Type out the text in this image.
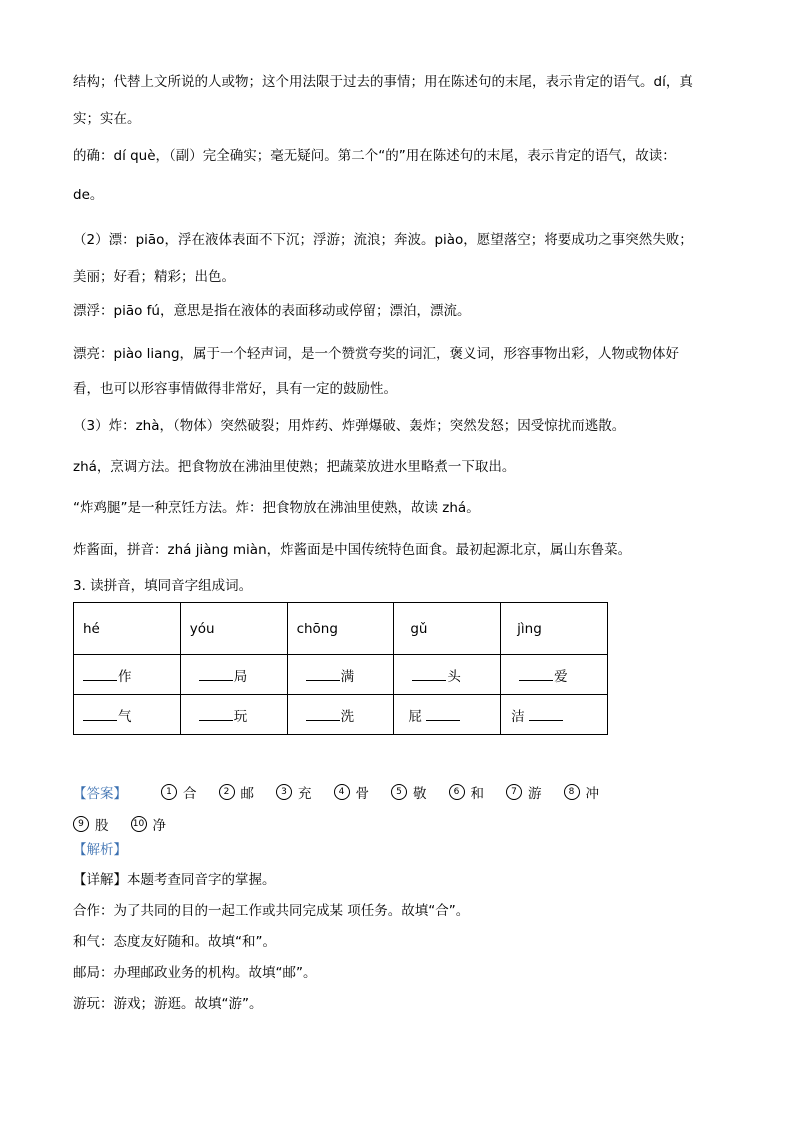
结构；代替上文所说的人或物；这个用法限于过去的事情；用在陈述句的末尾，表示肯定的语气。dí，真

实；实在。

的确：dí què，（副）完全确实；毫无疑问。第二个“的”用在陈述句的末尾，表示肯定的语气，故读：

de。

（2）漂：piāo，浮在液体表面不下沉；浮游；流浪；奔波。piào，愿望落空；将要成功之事突然失败；

美丽；好看；精彩；出色。

漂浮：piāo fú，意思是指在液体的表面移动或停留；漂泊，漂流。

漂亮：piào liang，属于一个轻声词，是一个赞赏夸奖的词汇，褒义词，形容事物出彩，人物或物体好

看，也可以形容事情做得非常好，具有一定的鼓励性。

（3）炸：zhà，（物体）突然破裂；用炸药、炸弹爆破、轰炸；突然发怒；因受惊扰而逃散。

zhá，烹调方法。把食物放在沸油里使熟；把蔬菜放进水里略煮一下取出。

“炸鸡腿”是一种烹饪方法。炸：把食物放在沸油里使熟，故读 zhá。

炸酱面，拼音：zhá jiàng miàn，炸酱面是中国传统特色面食。最初起源北京，属山东鲁菜。

3. 读拼音，填同音字组成词。

hé	yóu	chōng	gǔ	jìng
作	局	满	头	爱
气	玩	洗	屁	洁
【答案】	1 合	2 邮	3 充	4 骨	5 敬	6 和	7 游	8 冲
9 股	10 净

【解析】

【详解】本题考查同音字的掌握。

合作：为了共同的目的一起工作或共同完成某 项任务。故填“合”。

和气：态度友好随和。故填“和”。

邮局：办理邮政业务的机构。故填“邮”。

游玩：游戏；游逛。故填“游”。
